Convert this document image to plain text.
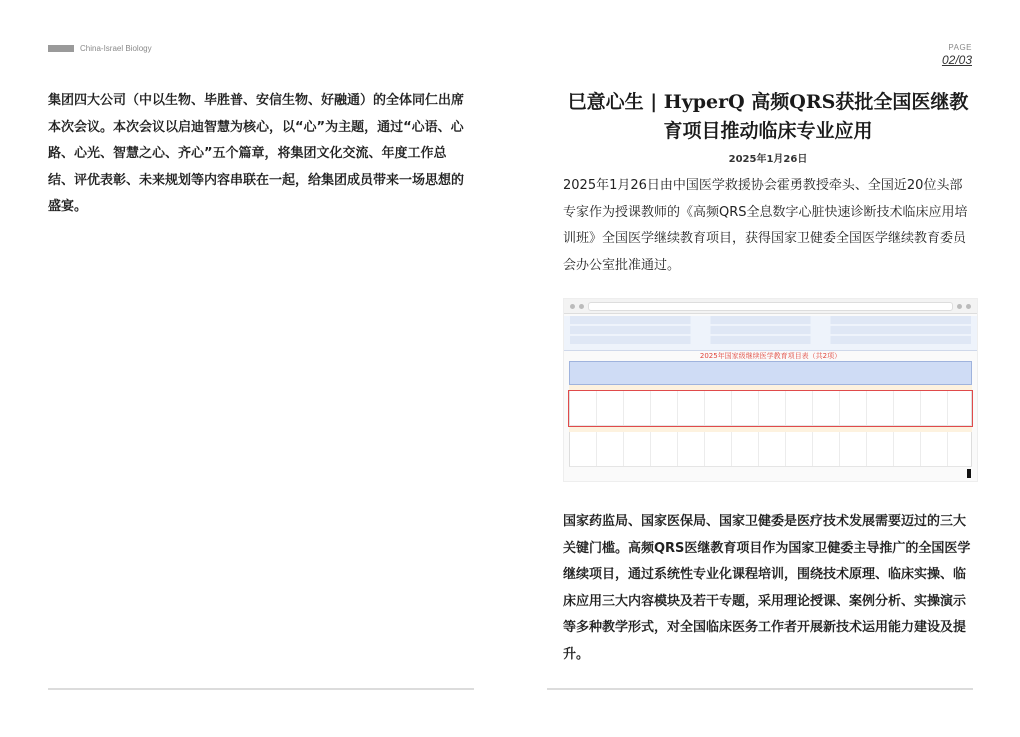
China-Israel Biology	PAGE
02/03
集团四大公司（中以生物、毕胜普、安信生物、好融通）的全体同仁出席本次会议。本次会议以启迪智慧为核心，以“心”为主题，通过“心语、心路、心光、智慧之心、齐心”五个篇章，将集团文化交流、年度工作总结、评优表彰、未来规划等内容串联在一起，给集团成员带来一场思想的盛宴。
巳意心生 | HyperQ 高频QRS获批全国医继教育项目推动临床专业应用
2025年1月26日
2025年1月26日由中国医学救援协会霍勇教授牵头、全国近20位头部专家作为授课教师的《高频QRS全息数字心脏快速诊断技术临床应用培训班》全国医学继续教育项目，获得国家卫健委全国医学继续教育委员会办公室批准通过。
2025年国家级继续医学教育项目表（共2项）
国家药监局、国家医保局、国家卫健委是医疗技术发展需要迈过的三大关键门槛。高频QRS医继教育项目作为国家卫健委主导推广的全国医学继续项目，通过系统性专业化课程培训，围绕技术原理、临床实操、临床应用三大内容模块及若干专题，采用理论授课、案例分析、实操演示等多种教学形式，对全国临床医务工作者开展新技术运用能力建设及提升。
